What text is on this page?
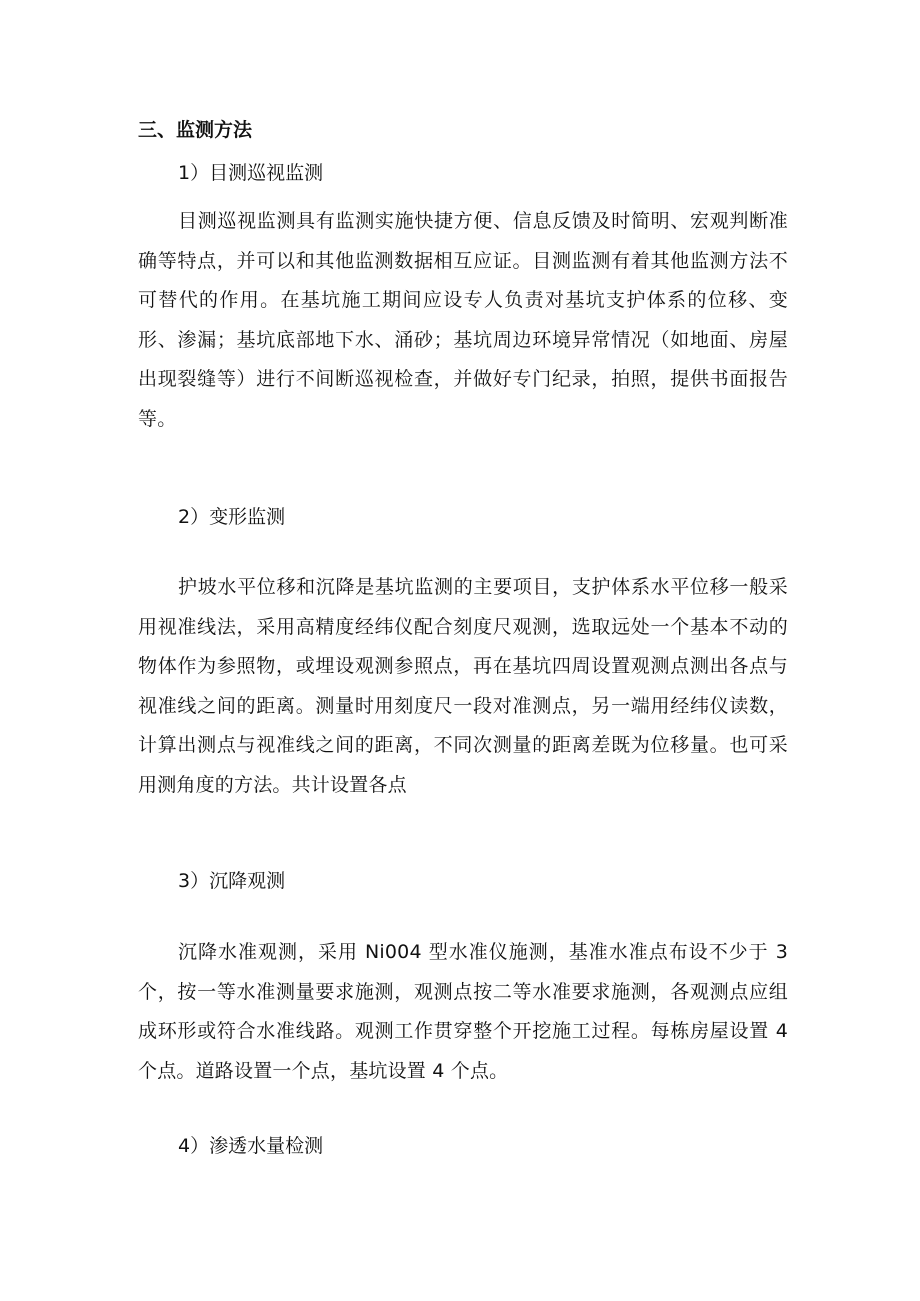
三、监测方法

1）目测巡视监测

目测巡视监测具有监测实施快捷方便、信息反馈及时简明、宏观判断准确等特点，并可以和其他监测数据相互应证。目测监测有着其他监测方法不可替代的作用。在基坑施工期间应设专人负责对基坑支护体系的位移、变形、渗漏；基坑底部地下水、涌砂；基坑周边环境异常情况（如地面、房屋出现裂缝等）进行不间断巡视检查，并做好专门纪录，拍照，提供书面报告等。

2）变形监测

护坡水平位移和沉降是基坑监测的主要项目，支护体系水平位移一般采用视准线法，采用高精度经纬仪配合刻度尺观测，选取远处一个基本不动的物体作为参照物，或埋设观测参照点，再在基坑四周设置观测点测出各点与视准线之间的距离。测量时用刻度尺一段对准测点，另一端用经纬仪读数，计算出测点与视准线之间的距离，不同次测量的距离差既为位移量。也可采用测角度的方法。共计设置各点

3）沉降观测

沉降水准观测，采用 Ni004 型水准仪施测，基准水准点布设不少于 3 个，按一等水准测量要求施测，观测点按二等水准要求施测，各观测点应组成环形或符合水准线路。观测工作贯穿整个开挖施工过程。每栋房屋设置 4 个点。道路设置一个点，基坑设置 4 个点。

4）渗透水量检测
